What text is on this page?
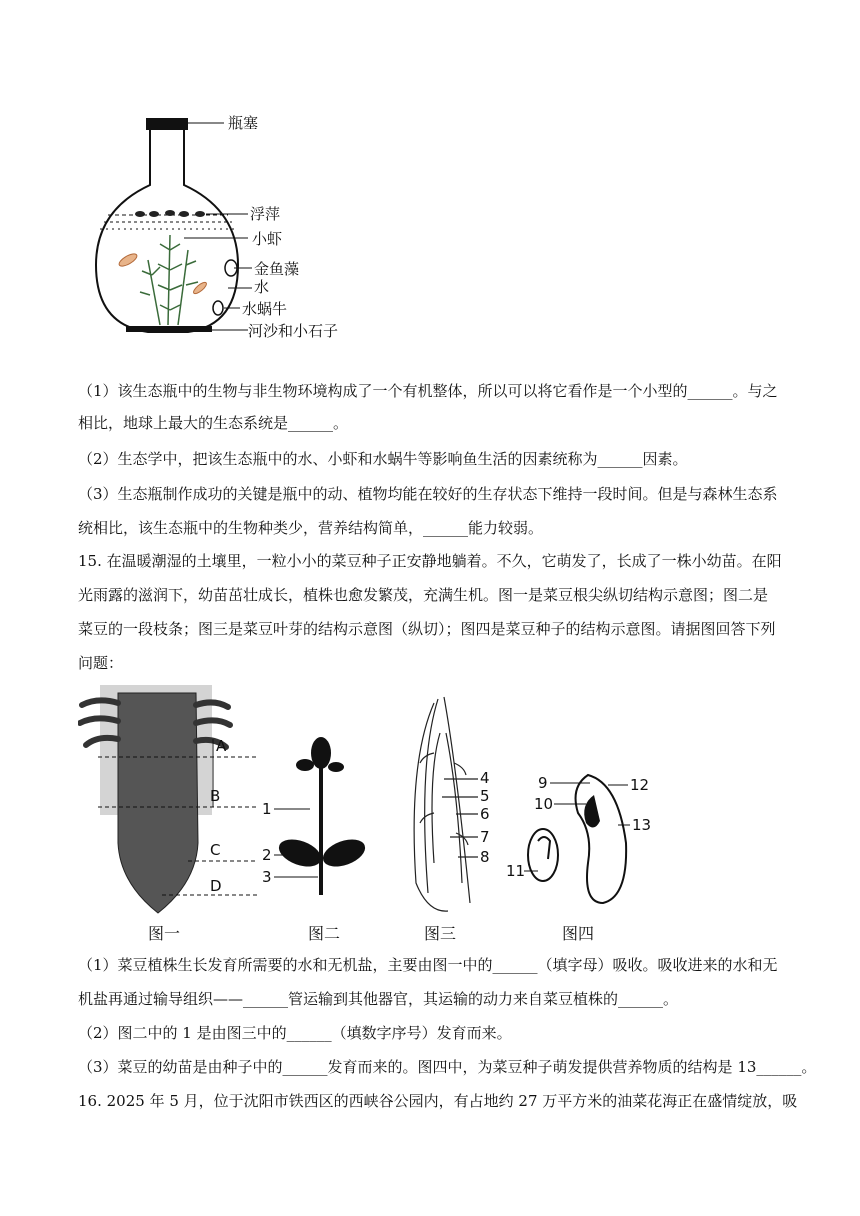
瓶塞
浮萍
小虾
金鱼藻
水
水蜗牛
河沙和小石子
（1）该生态瓶中的生物与非生物环境构成了一个有机整体，所以可以将它看作是一个小型的______。与之
相比，地球上最大的生态系统是______。
（2）生态学中，把该生态瓶中的水、小虾和水蜗牛等影响鱼生活的因素统称为______因素。
（3）生态瓶制作成功的关键是瓶中的动、植物均能在较好的生存状态下维持一段时间。但是与森林生态系
统相比，该生态瓶中的生物种类少，营养结构简单，______能力较弱。
15. 在温暖潮湿的土壤里，一粒小小的菜豆种子正安静地躺着。不久，它萌发了，长成了一株小幼苗。在阳
光雨露的滋润下，幼苗茁壮成长，植株也愈发繁茂，充满生机。图一是菜豆根尖纵切结构示意图；图二是
菜豆的一段枝条；图三是菜豆叶芽的结构示意图（纵切）；图四是菜豆种子的结构示意图。请据图回答下列
问题：
A
B
C
D
1
2
3
4
5
6
7
8
9
10
11
12
13
图一	图二	图三	图四
（1）菜豆植株生长发育所需要的水和无机盐，主要由图一中的______（填字母）吸收。吸收进来的水和无
机盐再通过输导组织——______管运输到其他器官，其运输的动力来自菜豆植株的______。
（2）图二中的 1 是由图三中的______（填数字序号）发育而来。
（3）菜豆的幼苗是由种子中的______发育而来的。图四中，为菜豆种子萌发提供营养物质的结构是 13______。
16. 2025 年 5 月，位于沈阳市铁西区的西峡谷公园内，有占地约 27 万平方米的油菜花海正在盛情绽放，吸
